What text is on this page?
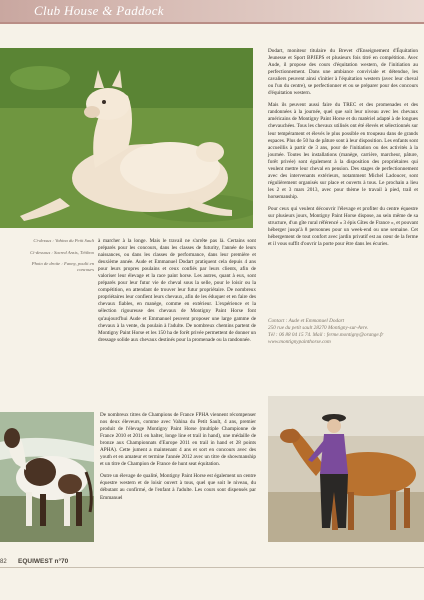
Club House & Paddock

Ci-dessus : Vahina du Petit Sault

Ci-dessous : Sacred Ansis, Tétiboo

Photo de droite : Fanny, poulit en concours

à marcher à la longe. Mais le travail ne s'arrête pas là. Certains sont préparés pour les concours, dans les classes de futurity, l'année de leurs naissances, ou dans les classes de performance, dans leur première et deuxième année. Aude et Emmanuel Dodart pratiquent cela depuis 4 ans pour leurs propres poulains et ceux confiés par leurs clients, afin de valoriser leur élevage et la race paint horse. Les autres, quant à eux, sont préparés pour leur futur vie de cheval sous la selle, pour le loisir ou la compétition, en attendant de trouver leur futur propriétaire. De nombreux propriétaires leur confient leurs chevaux, afin de les éduquer et en faire des chevaux fiables, en manège, comme en extérieur. L'expérience et la sélection rigoureuse des chevaux de Montigny Paint Horse font qu'aujourd'hui Aude et Emmanuel peuvent proposer une large gamme de chevaux à la vente, du poulain à l'adulte. De nombreux chemins partent de Montigny Paint Horse et les 150 ha de forêt privée permettent de donner un dressage solide aux chevaux destinés pour la promenade ou la randonnée.

De nombreux titres de Champions de France FPHA viennent récompenser nos deux éleveurs, comme avec Vahina du Petit Sault, 4 ans, premier produit de l'élevage Montigny Paint Horse (multiple Championne de France 2010 et 2011 en halter, longe line et trail in hand), une médaille de bronze aux Championnats d'Europe 2011 en trail in hand et 28 points APHA). Cette jument a maintenant 4 ans et sort en concours avec des youth et en amateur et termine l'année 2012 avec un titre de showmanship et un titre de Champion de France de hunt seat équitation.

Outre un élevage de qualité, Montigny Paint Horse est également un centre équestre western et de loisir ouvert à tous, quel que soit le niveau, du débutant au confirmé, de l'enfant à l'adulte. Les cours sont dispensés par Emmanuel

Dodart, moniteur titulaire du Brevet d'Enseignement d'Équitation Jeunesse et Sport BPJEPS et plusieurs fois titré en compétition. Avec Aude, il propose des cours d'équitation western, de l'initiation au perfectionnement. Dans une ambiance conviviale et détendue, les cavaliers peuvent ainsi s'initier à l'équitation western (avec leur cheval ou l'un du centre), se perfectionner et ou se préparer pour des concours d'équitation western.

Mais ils peuvent aussi faire du TREC et des promenades et des randonnées à la journée, quel que soit leur niveau avec les chevaux américains de Montigny Paint Horse et du matériel adapté à de longues chevauchées. Tous les chevaux utilisés ont été élevés et sélectionnés sur leur tempérament et élevés le plus possible en troupeau dans de grands espaces. Plus de 50 ha de pâture sont à leur disposition. Les enfants sont accueillis à partir de 3 ans, pour de l'initiation ou des activités à la journée. Toutes les installations (manège, carrière, marcheur, pâture, forêt privée) sont également à la disposition des propriétaires qui veulent mettre leur cheval en pension. Des stages de perfectionnement avec des intervenants extérieurs, notamment Michel Ladoucer, sont régulièrement organisés sur place et ouverts à tous. Le prochain a lieu les 2 et 3 mars 2013, avec pour thème le travail à pied, trail et horsemanship.

Pour ceux qui veulent découvrir l'élevage et profiter du centre équestre sur plusieurs jours, Montigny Paint Horse dispose, au sein même de sa structure, d'un gîte rural référencé « 3 épis Gîtes de France », et pouvant héberger jusqu'à 8 personnes pour un week-end ou une semaine. Cet hébergement de tout confort avec jardin privatif est au cœur de la ferme et il vous suffit d'ouvrir la porte pour être dans les écuries.

Contact : Aude et Emmanuel Dodart

250 rue du petit sault 28270 Montigny-sur-Avre.

Tél : 06 88 04 15 74. Mail : ferme.montigny@orange.fr

www.montignypainthorse.com

82 EQUIWEST n°70
